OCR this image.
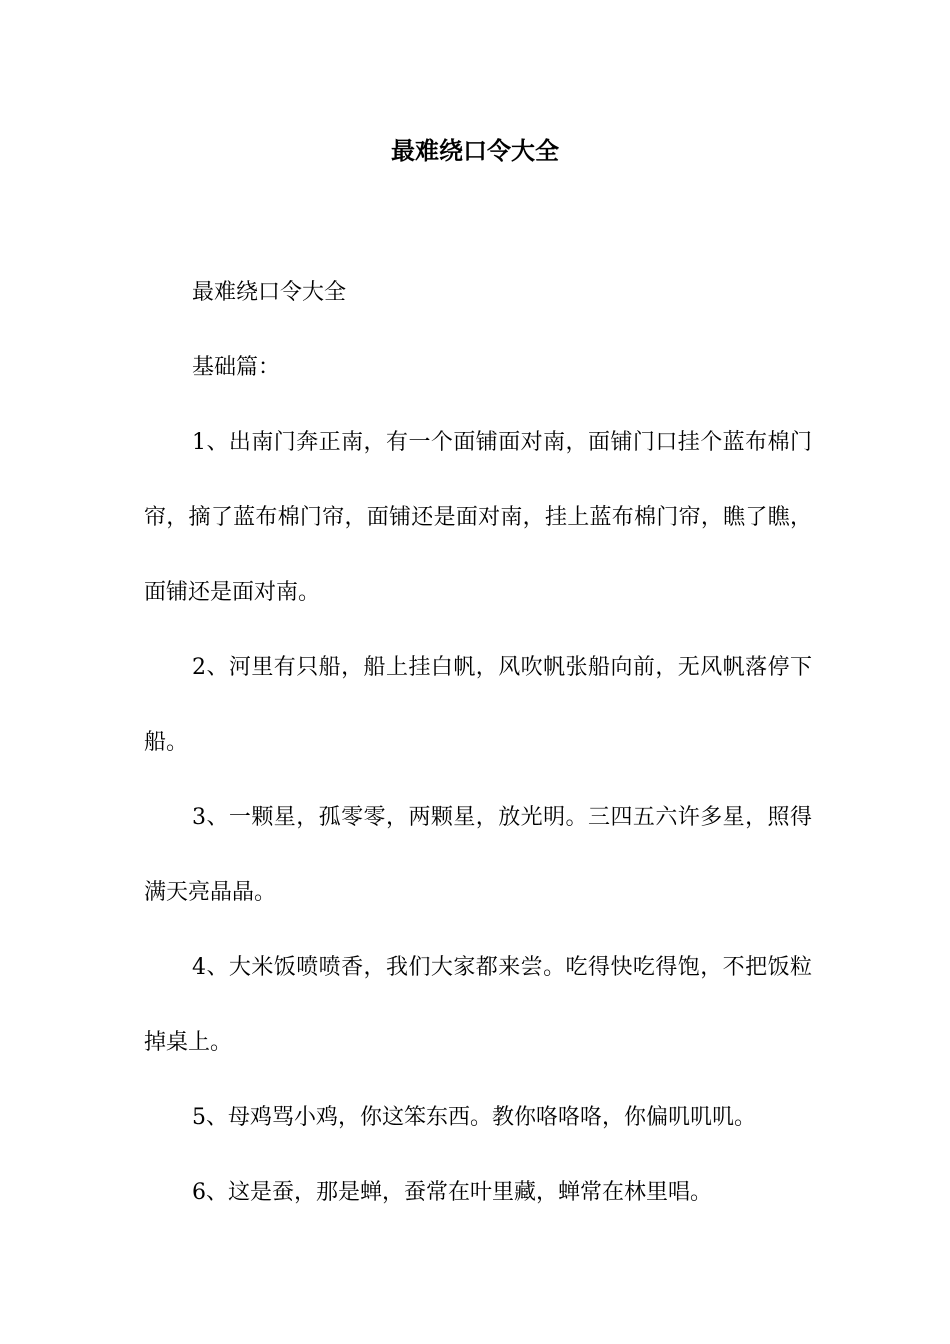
最难绕口令大全

最难绕口令大全

基础篇：

1、出南门奔正南，有一个面铺面对南，面铺门口挂个蓝布棉门帘，摘了蓝布棉门帘，面铺还是面对南，挂上蓝布棉门帘，瞧了瞧，面铺还是面对南。

2、河里有只船，船上挂白帆，风吹帆张船向前，无风帆落停下船。

3、一颗星，孤零零，两颗星，放光明。三四五六许多星，照得满天亮晶晶。

4、大米饭喷喷香，我们大家都来尝。吃得快吃得饱，不把饭粒掉桌上。

5、母鸡骂小鸡，你这笨东西。教你咯咯咯，你偏叽叽叽。

6、这是蚕，那是蝉，蚕常在叶里藏，蝉常在林里唱。
